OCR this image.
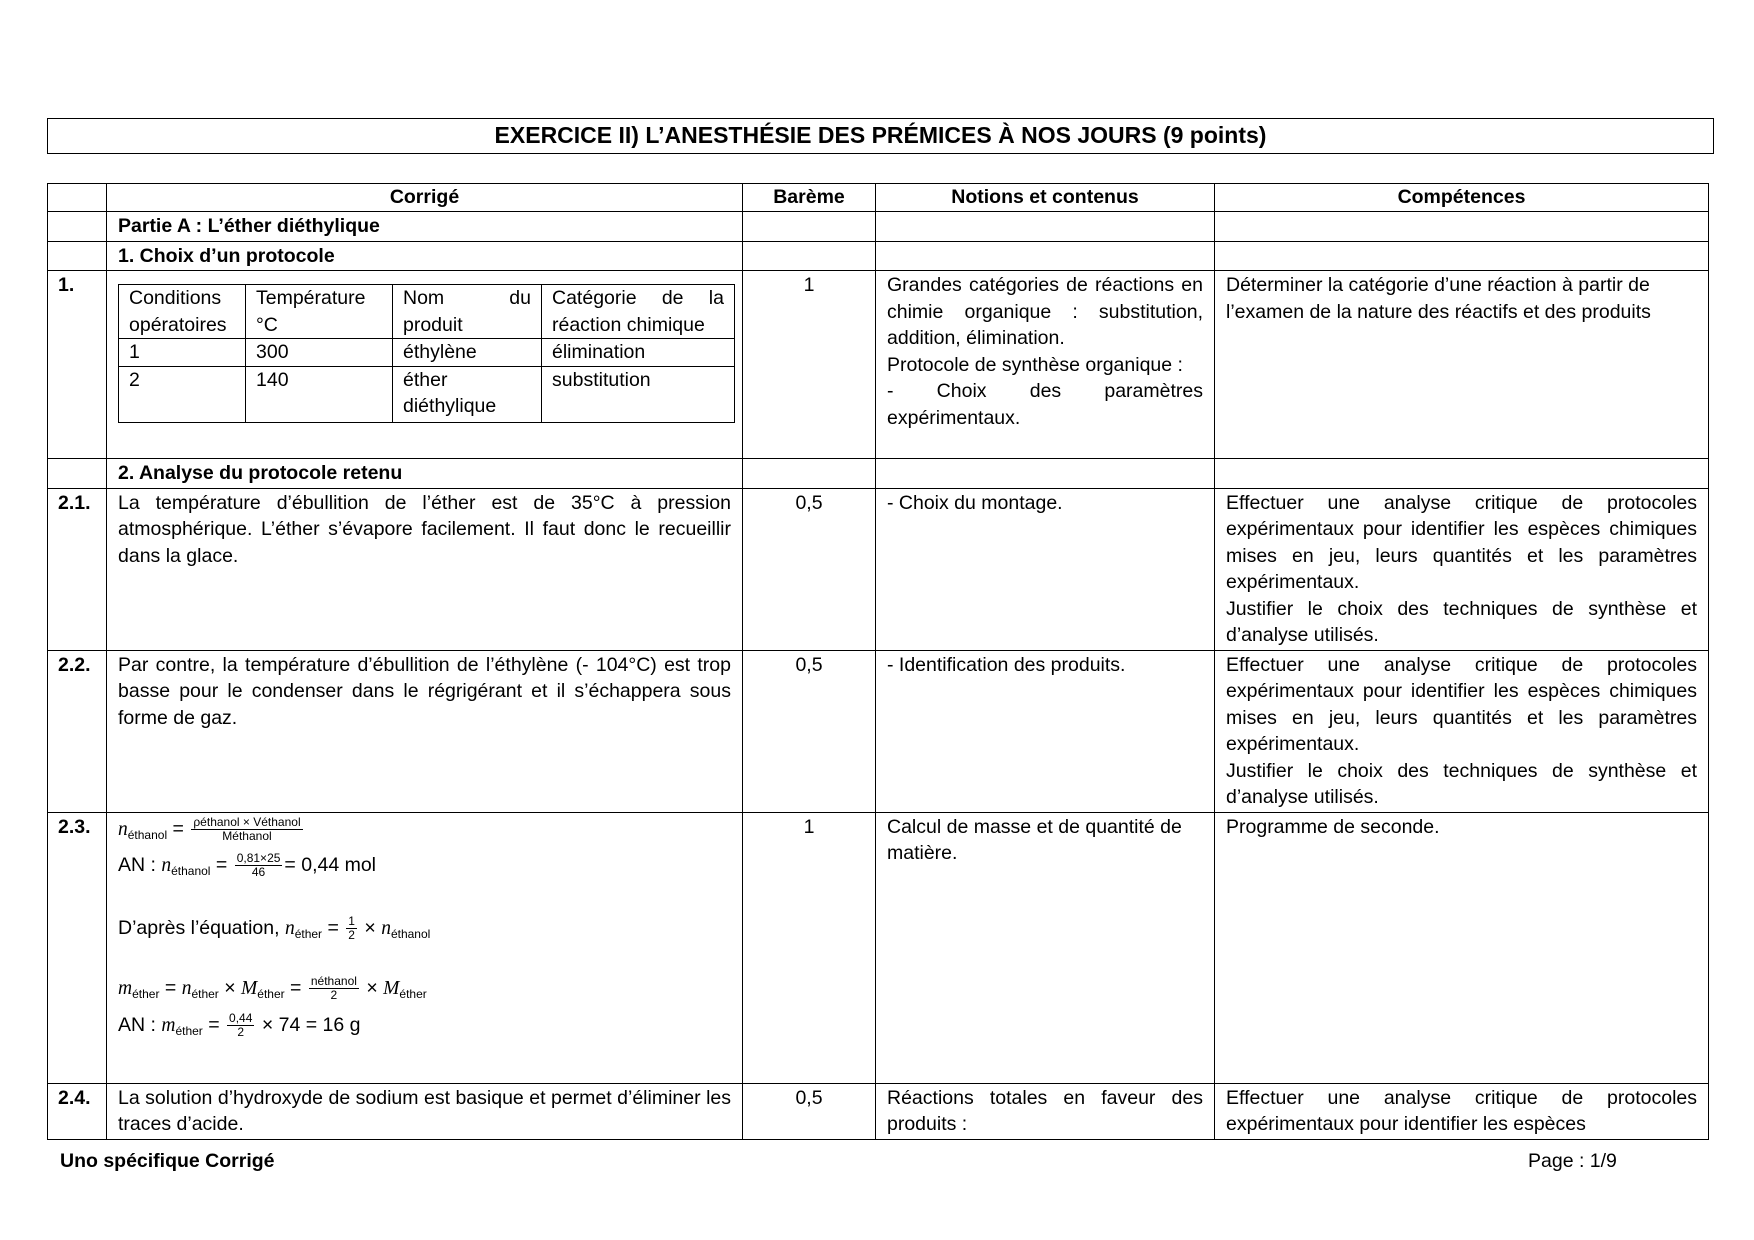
EXERCICE II) L’ANESTHÉSIE DES PRÉMICES À NOS JOURS (9 points)
	Corrigé	Barème	Notions et contenus	Compétences
	Partie A : L’éther diéthylique			
	1. Choix d’un protocole			
1.	
Conditions opératoires	Température °C	Nom du produit	Catégorie de la réaction chimique
1	300	éthylène	élimination
2	140	éther diéthylique	substitution
	1	Grandes catégories de réactions en chimie organique : substitution, addition, élimination.
Protocole de synthèse organique :
- Choix des paramètres expérimentaux.
	Déterminer la catégorie d’une réaction à partir de l’examen de la nature des réactifs et des produits
	2. Analyse du protocole retenu			
2.1.	La température d’ébullition de l’éther est de 35°C à pression atmosphérique. L’éther s’évapore facilement. Il faut donc le recueillir dans la glace.	0,5	- Choix du montage.	Effectuer une analyse critique de protocoles expérimentaux pour identifier les espèces chimiques mises en jeu, leurs quantités et les paramètres expérimentaux.
Justifier le choix des techniques de synthèse et d’analyse utilisés.

2.2.	Par contre, la température d’ébullition de l’éthylène (- 104°C) est trop basse pour le condenser dans le régrigérant et il s’échappera sous forme de gaz.	0,5	- Identification des produits.	Effectuer une analyse critique de protocoles expérimentaux pour identifier les espèces chimiques mises en jeu, leurs quantités et les paramètres expérimentaux.
Justifier le choix des techniques de synthèse et d’analyse utilisés.

2.3.	$n_{éthanol} = \frac{\text{ρéthanol × Véthanol}}{\text{Méthanol}}$
AN : $n_{éthanol} = \frac{0,81\times 25}{46} = 0,44$ mol
D’après l’équation, $n_{éther} = \frac{1}{2} \times n_{éthanol}$
$m_{éther} = n_{éther} \times M_{éther} = \frac{\text{néthanol}}{2} \times M_{éther}$
AN : $m_{éther} = \frac{0,44}{2} \times 74 = 16$ g
	1	Calcul de masse et de quantité de matière.	Programme de seconde.
2.4.	La solution d’hydroxyde de sodium est basique et permet d’éliminer les traces d’acide.	0,5	Réactions totales en faveur des produits :	Effectuer une analyse critique de protocoles expérimentaux pour identifier les espèces
Uno spécifique Corrigé	Page : 1/9
